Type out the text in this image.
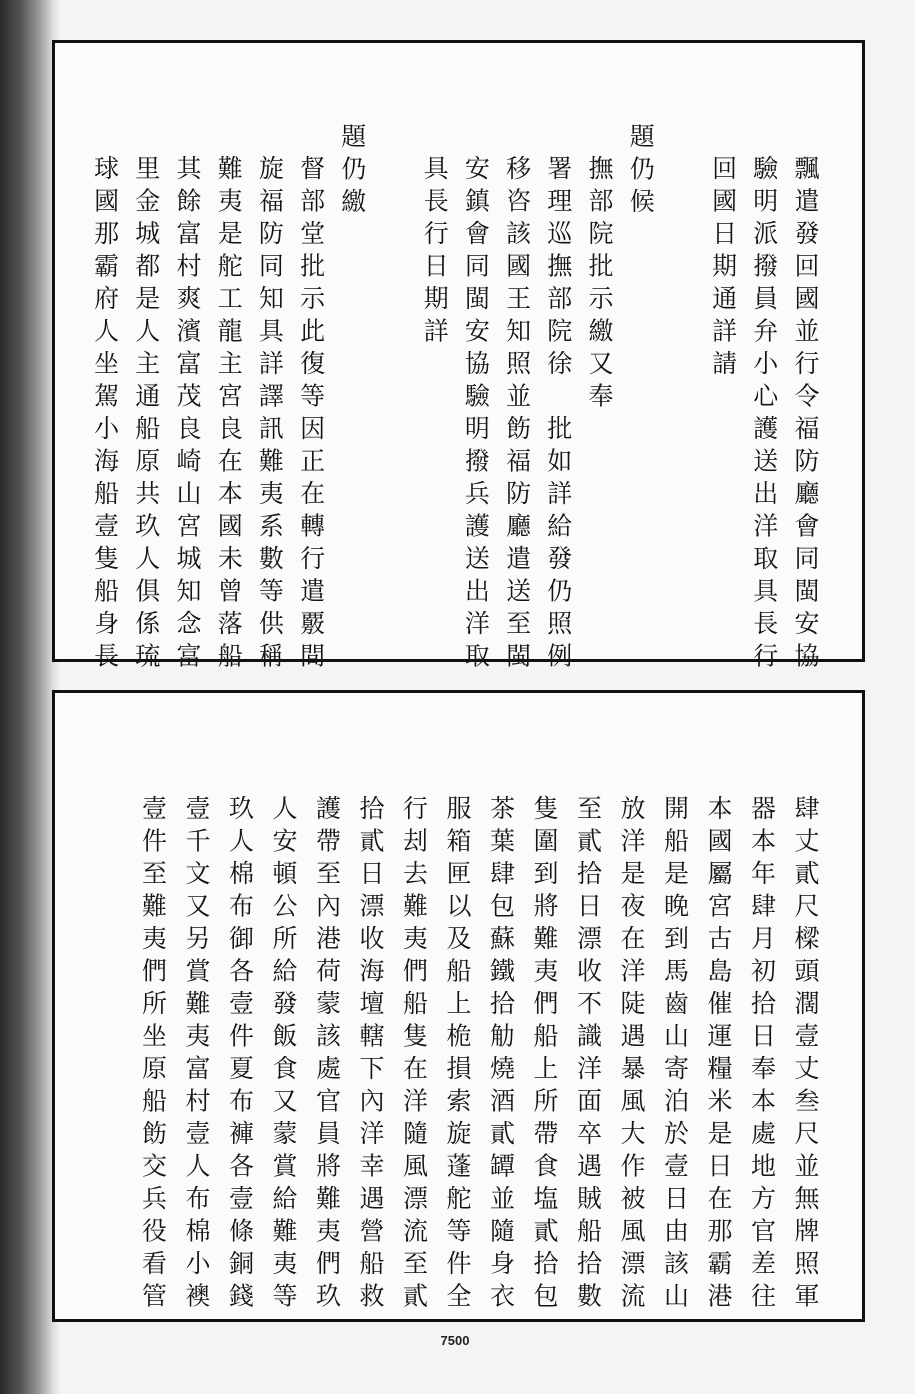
飄遣發回國並行令福防廳會同閩安協
驗明派撥員弁小心護送出洋取具長行
回國日期通詳請
題仍候
撫部院批示繳又奉
署理巡撫部院徐　批如詳給發仍照例
移咨該國王知照並飭福防廳遣送至閩
安鎮會同閩安協驗明撥兵護送出洋取
具長行日期詳
題仍繳
督部堂批示此復等因正在轉行遣覈間
旋福防同知具詳譯訊難夷系數等供稱
難夷是舵工龍主宮良在本國未曾落船
其餘富村爽濱富茂良崎山宮城知念富
里金城都是人主通船原共玖人俱係琉
球國那霸府人坐駕小海船壹隻船身長
肆丈貳尺樑頭濶壹丈叁尺並無牌照軍
器本年肆月初拾日奉本處地方官差往
本國屬宮古島催運糧米是日在那霸港
開船是晚到馬齒山寄泊於壹日由該山
放洋是夜在洋陡遇暴風大作被風漂流
至貳拾日漂收不識洋面卒遇賊船拾數
隻圍到將難夷們船上所帶食塩貳拾包
茶葉肆包蘇鐵拾觔燒酒貳罈並隨身衣
服箱匣以及船上桅損索旋蓬舵等件全
行刦去難夷們船隻在洋隨風漂流至貳
拾貳日漂收海壇轄下內洋幸遇營船救
護帶至內港荷蒙該處官員將難夷們玖
人安頓公所給發飯食又蒙賞給難夷等
玖人棉布御各壹件夏布褲各壹條銅錢
壹千文又另賞難夷富村壹人布棉小襖
壹件至難夷們所坐原船飭交兵役看管
7500
